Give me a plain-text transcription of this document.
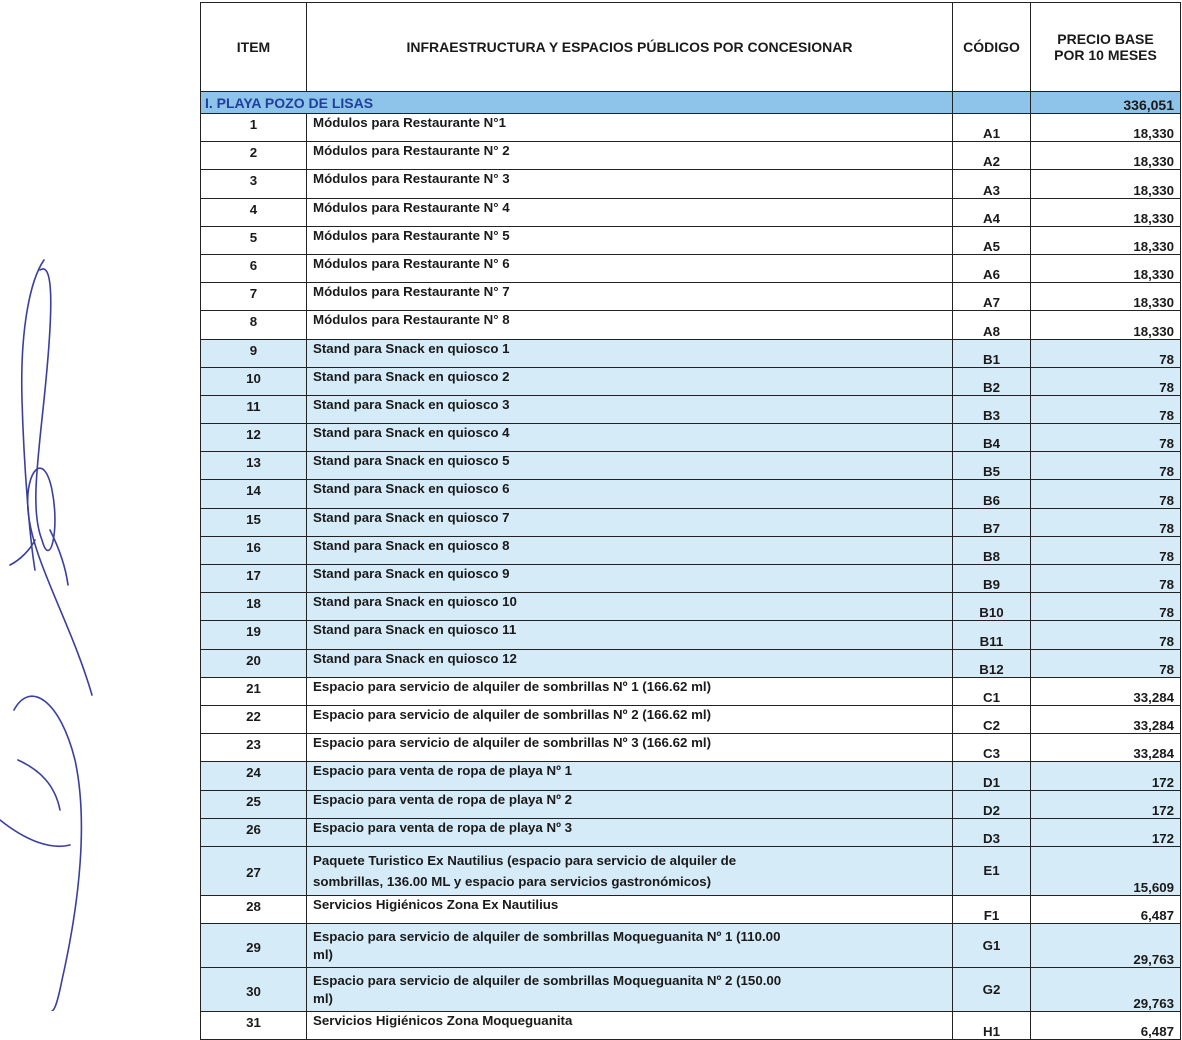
ITEM	INFRAESTRUCTURA Y ESPACIOS PÚBLICOS POR CONCESIONAR	CÓDIGO	PRECIO BASE
POR 10 MESES

I. PLAYA POZO DE LISAS			336,051
1	Módulos para Restaurante N°1	A1	18,330
2	Módulos para Restaurante N° 2	A2	18,330
3	Módulos para Restaurante N° 3	A3	18,330
4	Módulos para Restaurante N° 4	A4	18,330
5	Módulos para Restaurante N° 5	A5	18,330
6	Módulos para Restaurante N° 6	A6	18,330
7	Módulos para Restaurante N° 7	A7	18,330
8	Módulos para Restaurante N° 8	A8	18,330
9	Stand para Snack en quiosco 1	B1	78
10	Stand para Snack en quiosco 2	B2	78
11	Stand para Snack en quiosco 3	B3	78
12	Stand para Snack en quiosco 4	B4	78
13	Stand para Snack en quiosco 5	B5	78
14	Stand para Snack en quiosco 6	B6	78
15	Stand para Snack en quiosco 7	B7	78
16	Stand para Snack en quiosco 8	B8	78
17	Stand para Snack en quiosco 9	B9	78
18	Stand para Snack en quiosco 10	B10	78
19	Stand para Snack en quiosco 11	B11	78
20	Stand para Snack en quiosco 12	B12	78
21	Espacio para servicio de alquiler de sombrillas Nº 1 (166.62 ml)	C1	33,284
22	Espacio para servicio de alquiler de sombrillas Nº 2 (166.62 ml)	C2	33,284
23	Espacio para servicio de alquiler de sombrillas Nº 3 (166.62 ml)	C3	33,284
24	Espacio para venta de ropa de playa Nº 1	D1	172
25	Espacio para venta de ropa de playa Nº 2	D2	172
26	Espacio para venta de ropa de playa Nº 3	D3	172
27	Paquete Turistico Ex Nautilius (espacio para servicio de alquiler de
sombrillas, 136.00 ML y espacio para servicios gastronómicos)	E1	15,609
28	Servicios Higiénicos Zona Ex Nautilius	F1	6,487
29	Espacio para servicio de alquiler de sombrillas Moqueguanita Nº 1 (110.00
ml)	G1	29,763
30	Espacio para servicio de alquiler de sombrillas Moqueguanita Nº 2 (150.00
ml)	G2	29,763
31	Servicios Higiénicos Zona Moqueguanita	H1	6,487
